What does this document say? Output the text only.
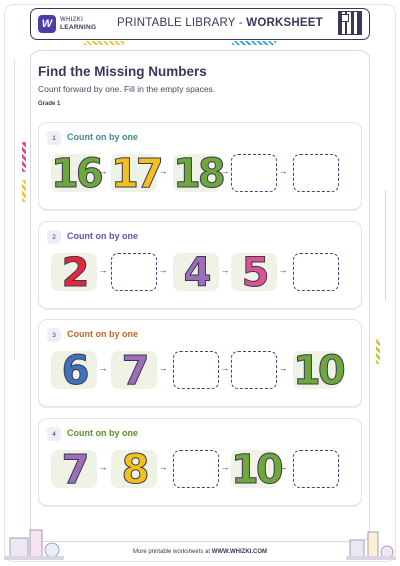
W WHIZKI
LEARNING PRINTABLE LIBRARY - WORKSHEET
Find the Missing Numbers
Count forward by one. Fill in the empty spaces.
Grade 1
1	Count on by one
16
→ 17
→ 18
→	→
2	Count on by one
2	→	→ 4	→ 5	→
3	Count on by one
6	→ 7	→	→	→ 10
4	Count on by one
7	→ 8	→	→ 10
→
More printable worksheets at WWW.WHIZKI.COM
